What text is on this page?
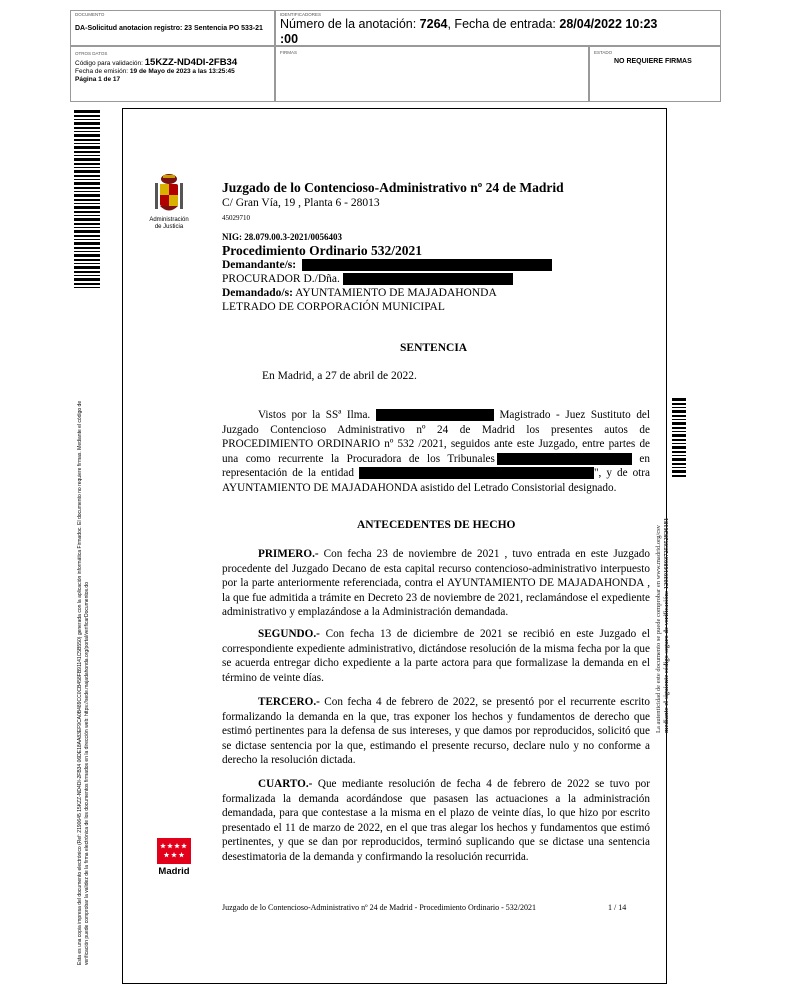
DOCUMENTO
DA-Solicitud anotacion registro: 23 Sentencia PO 533-21
IDENTIFICADORES
Número de la anotación: 7264, Fecha de entrada: 28/04/2022 10:23
:00
OTROS DATOS
Código para validación: 15KZZ-ND4DI-2FB34
Fecha de emisión: 19 de Mayo de 2023 a las 13:25:45
Página 1 de 17
FIRMAS	ESTADO
NO REQUIERE FIRMAS
Esta es una copia impresa del documento electrónico (Ref: 2190645 15KZZ-ND4DI-2FB34 06DE18AA83EF9CA0B489CC0CB458FB91141C5B550) generada con la aplicación informática Firmadoc. El documento no requiere firmas. Mediante el código de verificación puede comprobar la validez de la firma electrónica de los documentos firmados en la dirección web: https://sede.majadahonda.org/portal/verificarDocumentos.do	La autenticidad de este documento se puede comprobar en www.madrid.org/csv mediante el siguiente código seguro de verificación: 1203016803725352826181
Administración
de Justicia
Juzgado de lo Contencioso-Administrativo nº 24 de Madrid
C/ Gran Vía, 19 , Planta 6 - 28013
45029710
NIG: 28.079.00.3-2021/0056403
Procedimiento Ordinario 532/2021
Demandante/s:
PROCURADOR D./Dña.
Demandado/s: AYUNTAMIENTO DE MAJADAHONDA
LETRADO DE CORPORACIÓN MUNICIPAL
SENTENCIA
En Madrid, a 27 de abril de 2022.
Vistos por la SSª Ilma.	Magistrado - Juez Sustituto del Juzgado Contencioso Administrativo nº 24 de Madrid los presentes autos de PROCEDIMIENTO ORDINARIO nº 532 /2021, seguidos ante este Juzgado, entre partes de una como recurrente la Procuradora de los Tribunales	en representación de la entidad	", y de otra AYUNTAMIENTO DE MAJADAHONDA asistido del Letrado Consistorial designado.
ANTECEDENTES DE HECHO
PRIMERO.- Con fecha 23 de noviembre de 2021 , tuvo entrada en este Juzgado procedente del Juzgado Decano de esta capital recurso contencioso-administrativo interpuesto por la parte anteriormente referenciada, contra el AYUNTAMIENTO DE MAJADAHONDA , la que fue admitida a trámite en Decreto 23 de noviembre de 2021, reclamándose el expediente administrativo y emplazándose a la Administración demandada.
SEGUNDO.- Con fecha 13 de diciembre de 2021 se recibió en este Juzgado el correspondiente expediente administrativo, dictándose resolución de la misma fecha por la que se acuerda entregar dicho expediente a la parte actora para que formalizase la demanda en el término de veinte días.
TERCERO.- Con fecha 4 de febrero de 2022, se presentó por el recurrente escrito formalizando la demanda en la que, tras exponer los hechos y fundamentos de derecho que estimó pertinentes para la defensa de sus intereses, y que damos por reproducidos, solicitó que se dictase sentencia por la que, estimando el presente recurso, declare nulo y no conforme a derecho la resolución dictada.
CUARTO.- Que mediante resolución de fecha 4 de febrero de 2022 se tuvo por formalizada la demanda acordándose que pasasen las actuaciones a la administración demandada, para que contestase a la misma en el plazo de veinte días, lo que hizo por escrito presentado el 11 de marzo de 2022, en el que tras alegar los hechos y fundamentos que estimó pertinentes, y que se dan por reproducidos, terminó suplicando que se dictase una sentencia desestimatoria de la demanda y confirmando la resolución recurrida.
Madrid
Juzgado de lo Contencioso-Administrativo nº 24 de Madrid - Procedimiento Ordinario - 532/2021	1 / 14
